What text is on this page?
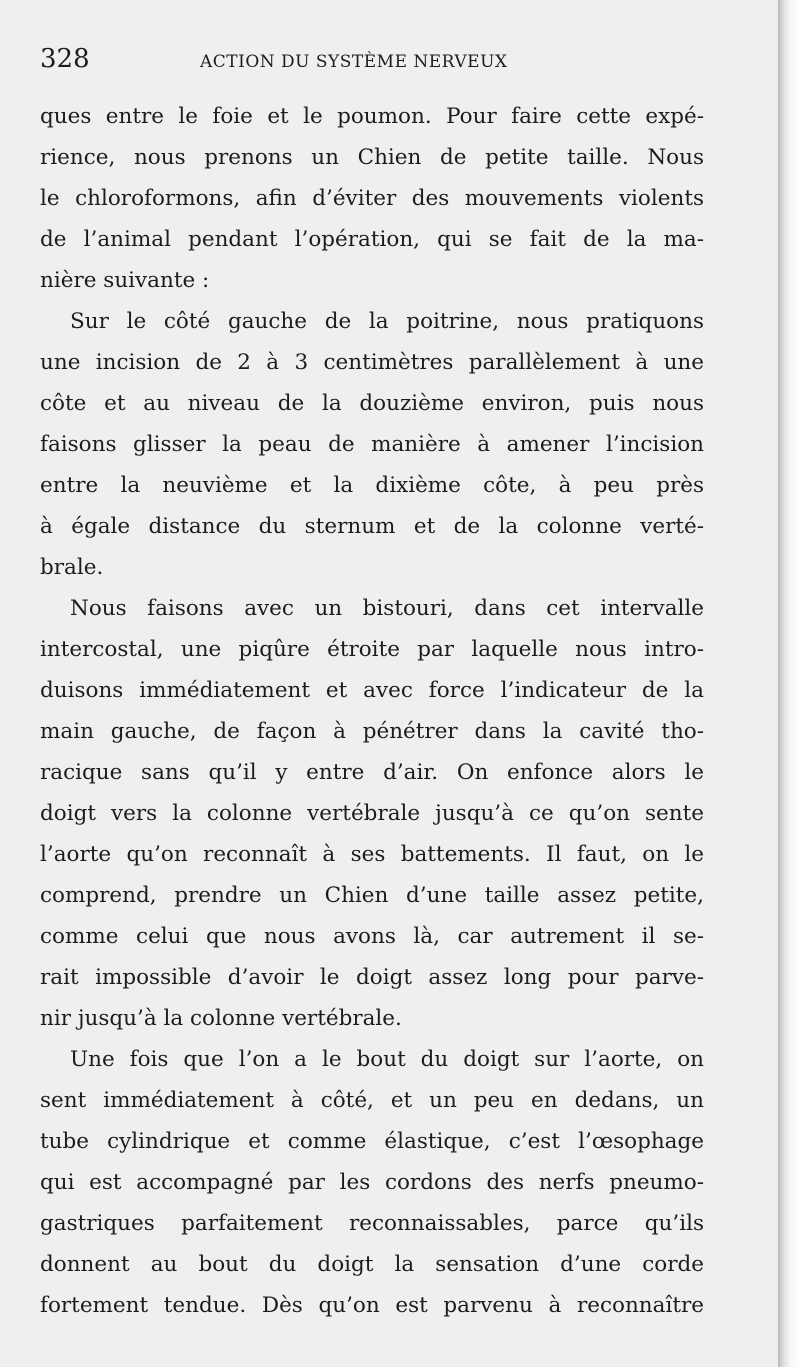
328	ACTION DU SYSTÈME NERVEUX
ques entre le foie et le poumon. Pour faire cette expé-
rience, nous prenons un Chien de petite taille. Nous
le chloroformons, afin d’éviter des mouvements violents
de l’animal pendant l’opération, qui se fait de la ma-
nière suivante :
Sur le côté gauche de la poitrine, nous pratiquons
une incision de 2 à 3 centimètres parallèlement à une
côte et au niveau de la douzième environ, puis nous
faisons glisser la peau de manière à amener l’incision
entre la neuvième et la dixième côte, à peu près
à égale distance du sternum et de la colonne verté-
brale.
Nous faisons avec un bistouri, dans cet intervalle
intercostal, une piqûre étroite par laquelle nous intro-
duisons immédiatement et avec force l’indicateur de la
main gauche, de façon à pénétrer dans la cavité tho-
racique sans qu’il y entre d’air. On enfonce alors le
doigt vers la colonne vertébrale jusqu’à ce qu’on sente
l’aorte qu’on reconnaît à ses battements. Il faut, on le
comprend, prendre un Chien d’une taille assez petite,
comme celui que nous avons là, car autrement il se-
rait impossible d’avoir le doigt assez long pour parve-
nir jusqu’à la colonne vertébrale.
Une fois que l’on a le bout du doigt sur l’aorte, on
sent immédiatement à côté, et un peu en dedans, un
tube cylindrique et comme élastique, c’est l’œsophage
qui est accompagné par les cordons des nerfs pneumo-
gastriques parfaitement reconnaissables, parce qu’ils
donnent au bout du doigt la sensation d’une corde
fortement tendue. Dès qu’on est parvenu à reconnaître
